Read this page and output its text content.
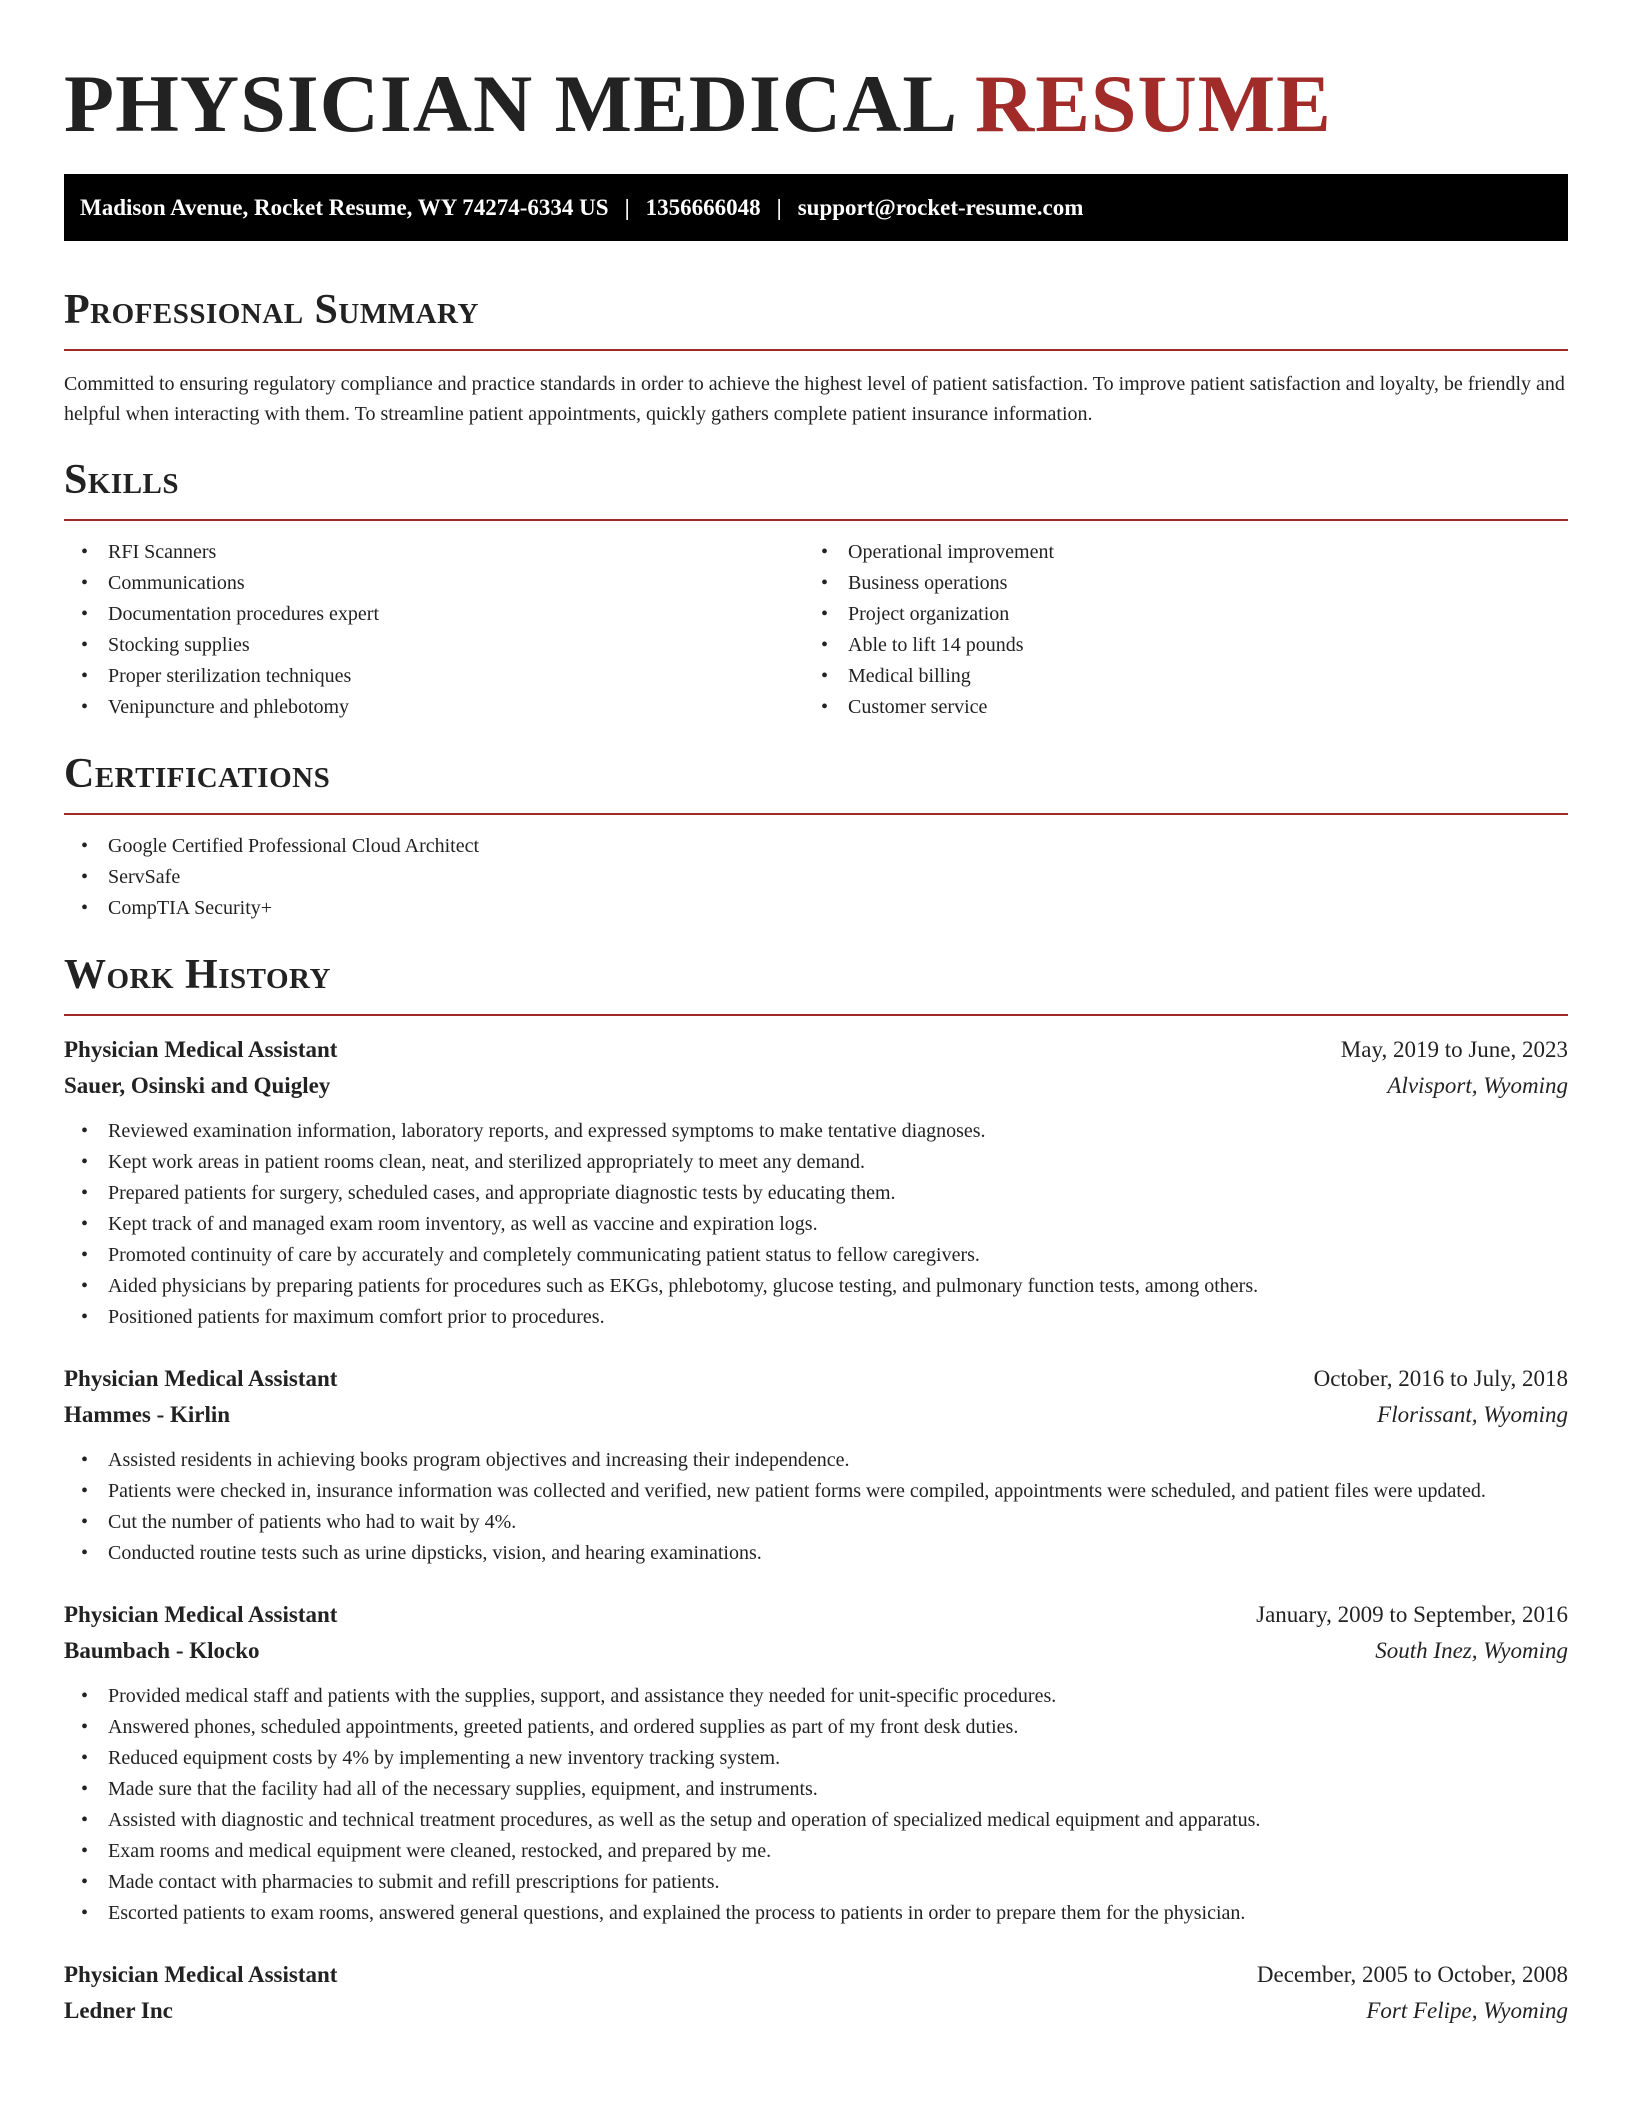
PHYSICIAN MEDICAL RESUME
Madison Avenue, Rocket Resume, WY 74274-6334 US | 1356666048 | support@rocket-resume.com
Professional Summary

Committed to ensuring regulatory compliance and practice standards in order to achieve the highest level of patient satisfaction. To improve patient satisfaction and loyalty, be friendly and helpful when interacting with them. To streamline patient appointments, quickly gathers complete patient insurance information.

Skills
• RFI Scanners
• Communications
• Documentation procedures expert
• Stocking supplies
• Proper sterilization techniques
• Venipuncture and phlebotomy
• Operational improvement
• Business operations
• Project organization
• Able to lift 14 pounds
• Medical billing
• Customer service
Certifications
• Google Certified Professional Cloud Architect
• ServSafe
• CompTIA Security+
Work History
Physician Medical Assistant	May, 2019 to June, 2023
Sauer, Osinski and Quigley	Alvisport, Wyoming
• Reviewed examination information, laboratory reports, and expressed symptoms to make tentative diagnoses.
• Kept work areas in patient rooms clean, neat, and sterilized appropriately to meet any demand.
• Prepared patients for surgery, scheduled cases, and appropriate diagnostic tests by educating them.
• Kept track of and managed exam room inventory, as well as vaccine and expiration logs.
• Promoted continuity of care by accurately and completely communicating patient status to fellow caregivers.
• Aided physicians by preparing patients for procedures such as EKGs, phlebotomy, glucose testing, and pulmonary function tests, among others.
• Positioned patients for maximum comfort prior to procedures.
Physician Medical Assistant	October, 2016 to July, 2018
Hammes - Kirlin	Florissant, Wyoming
• Assisted residents in achieving books program objectives and increasing their independence.
• Patients were checked in, insurance information was collected and verified, new patient forms were compiled, appointments were scheduled, and patient files were updated.
• Cut the number of patients who had to wait by 4%.
• Conducted routine tests such as urine dipsticks, vision, and hearing examinations.
Physician Medical Assistant	January, 2009 to September, 2016
Baumbach - Klocko	South Inez, Wyoming
• Provided medical staff and patients with the supplies, support, and assistance they needed for unit-specific procedures.
• Answered phones, scheduled appointments, greeted patients, and ordered supplies as part of my front desk duties.
• Reduced equipment costs by 4% by implementing a new inventory tracking system.
• Made sure that the facility had all of the necessary supplies, equipment, and instruments.
• Assisted with diagnostic and technical treatment procedures, as well as the setup and operation of specialized medical equipment and apparatus.
• Exam rooms and medical equipment were cleaned, restocked, and prepared by me.
• Made contact with pharmacies to submit and refill prescriptions for patients.
• Escorted patients to exam rooms, answered general questions, and explained the process to patients in order to prepare them for the physician.
Physician Medical Assistant	December, 2005 to October, 2008
Ledner Inc	Fort Felipe, Wyoming
